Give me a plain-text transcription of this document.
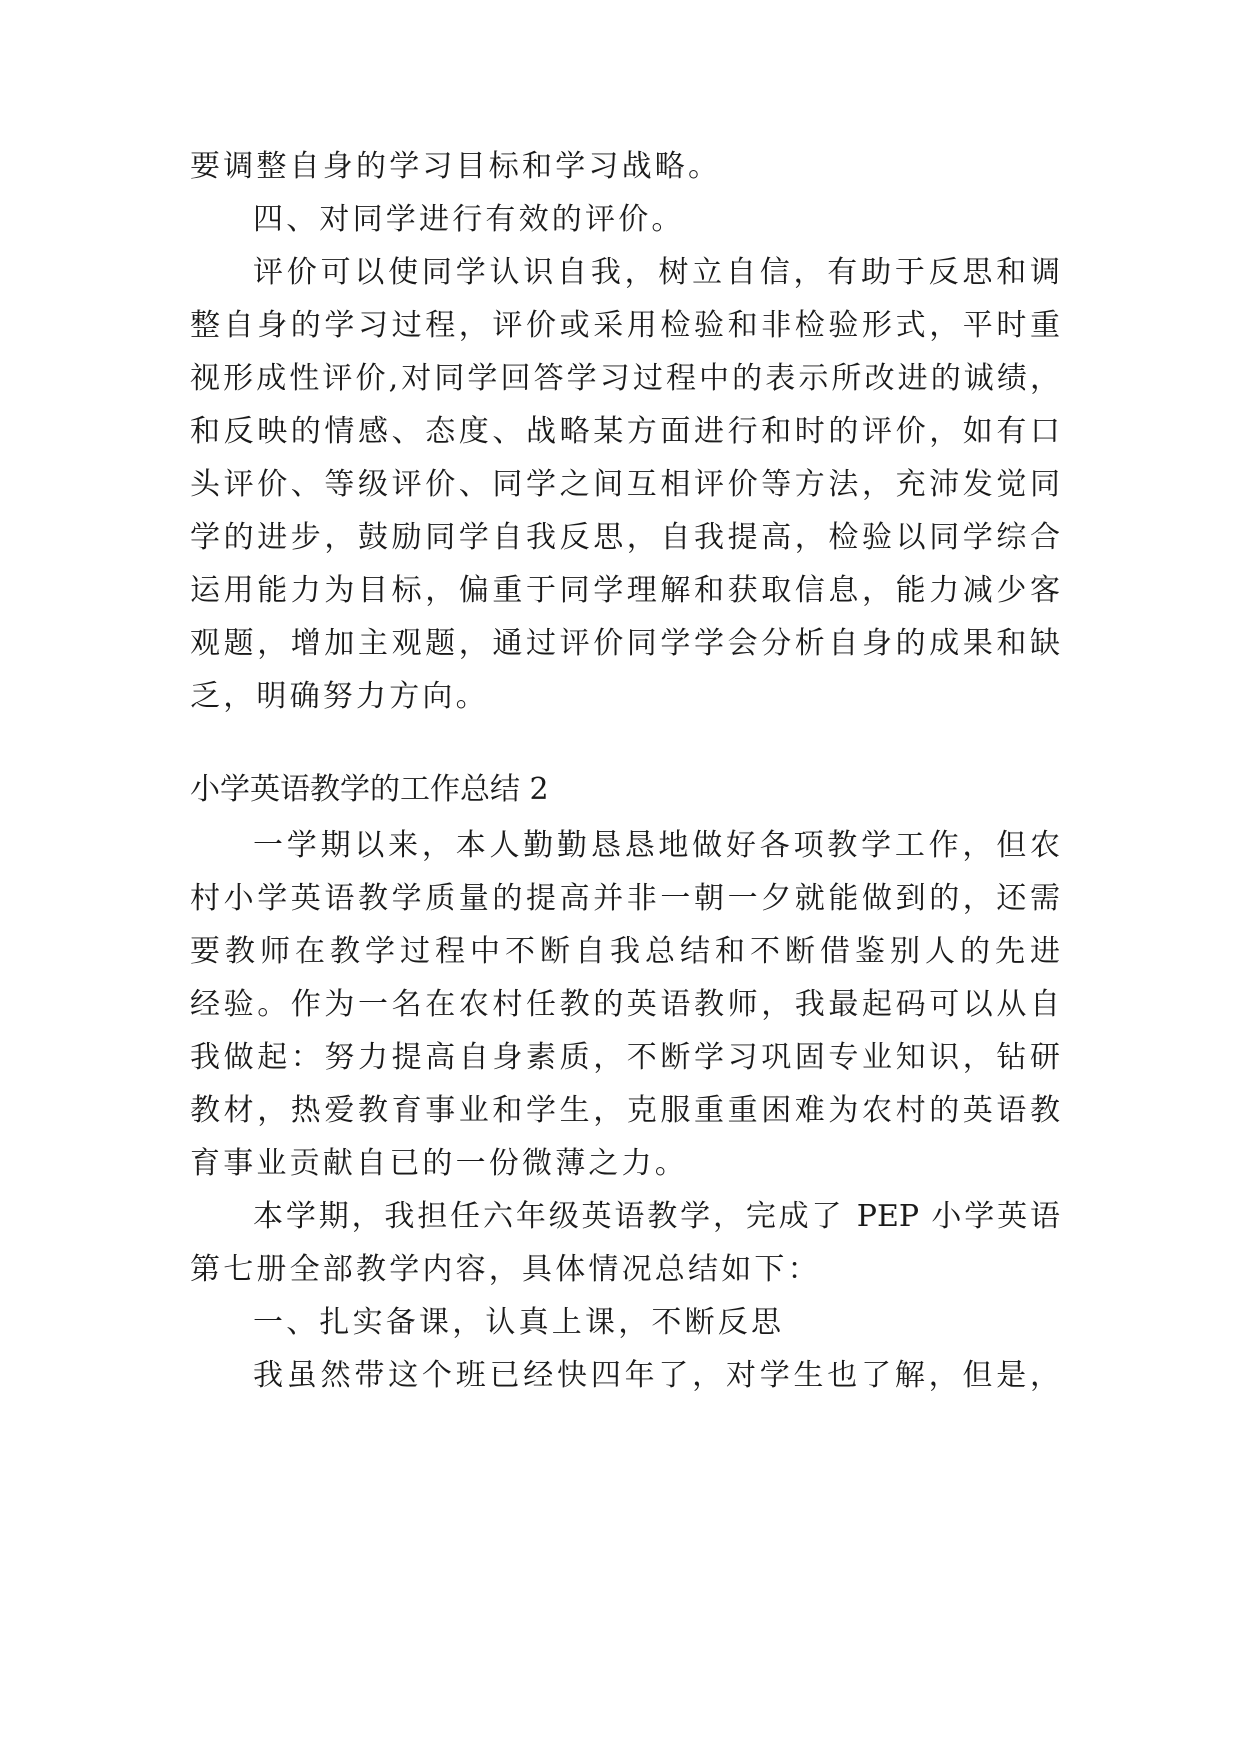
要调整自身的学习目标和学习战略。
四、对同学进行有效的评价。
评价可以使同学认识自我，树立自信，有助于反思和调
整自身的学习过程，评价或采用检验和非检验形式，平时重
视形成性评价,对同学回答学习过程中的表示所改进的诚绩，
和反映的情感、态度、战略某方面进行和时的评价，如有口
头评价、等级评价、同学之间互相评价等方法，充沛发觉同
学的进步，鼓励同学自我反思，自我提高，检验以同学综合
运用能力为目标，偏重于同学理解和获取信息，能力减少客
观题，增加主观题，通过评价同学学会分析自身的成果和缺
乏，明确努力方向。
小学英语教学的工作总结 2
一学期以来，本人勤勤恳恳地做好各项教学工作，但农
村小学英语教学质量的提高并非一朝一夕就能做到的，还需
要教师在教学过程中不断自我总结和不断借鉴别人的先进
经验。作为一名在农村任教的英语教师，我最起码可以从自
我做起：努力提高自身素质，不断学习巩固专业知识，钻研
教材，热爱教育事业和学生，克服重重困难为农村的英语教
育事业贡献自已的一份微薄之力。
本学期，我担任六年级英语教学，完成了 PEP 小学英语
第七册全部教学内容，具体情况总结如下：
一、扎实备课，认真上课，不断反思
我虽然带这个班已经快四年了，对学生也了解，但是，
